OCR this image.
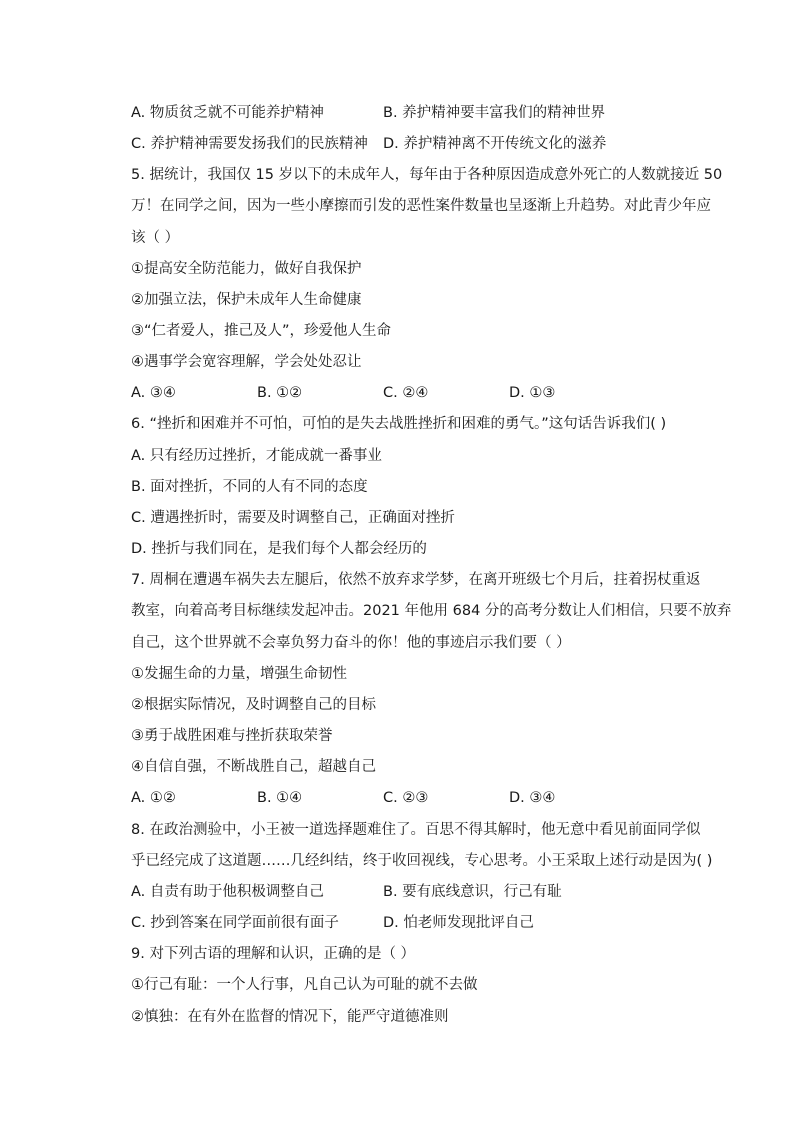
A. 物质贫乏就不可能养护精神	B. 养护精神要丰富我们的精神世界
C. 养护精神需要发扬我们的民族精神 D. 养护精神离不开传统文化的滋养
5. 据统计，我国仅 15 岁以下的未成年人，每年由于各种原因造成意外死亡的人数就接近 50
万！在同学之间，因为一些小摩擦而引发的恶性案件数量也呈逐渐上升趋势。对此青少年应
该（ ）
①提高安全防范能力，做好自我保护
②加强立法，保护未成年人生命健康
③“仁者爱人，推己及人”，珍爱他人生命
④遇事学会宽容理解，学会处处忍让
A. ③④	B. ①②	C. ②④	D. ①③
6. “挫折和困难并不可怕，可怕的是失去战胜挫折和困难的勇气。”这句话告诉我们( )
A. 只有经历过挫折，才能成就一番事业
B. 面对挫折，不同的人有不同的态度
C. 遭遇挫折时，需要及时调整自己，正确面对挫折
D. 挫折与我们同在，是我们每个人都会经历的
7. 周桐在遭遇车祸失去左腿后，依然不放弃求学梦，在离开班级七个月后，拄着拐杖重返
教室，向着高考目标继续发起冲击。2021 年他用 684 分的高考分数让人们相信，只要不放弃
自己，这个世界就不会辜负努力奋斗的你！他的事迹启示我们要（ ）
①发掘生命的力量，增强生命韧性
②根据实际情况，及时调整自己的目标
③勇于战胜困难与挫折获取荣誉
④自信自强，不断战胜自己，超越自己
A. ①②	B. ①④	C. ②③	D. ③④
8. 在政治测验中，小王被一道选择题难住了。百思不得其解时，他无意中看见前面同学似
乎已经完成了这道题……几经纠结，终于收回视线，专心思考。小王采取上述行动是因为( )
A. 自责有助于他积极调整自己	B. 要有底线意识，行己有耻
C. 抄到答案在同学面前很有面子	D. 怕老师发现批评自己
9. 对下列古语的理解和认识，正确的是（ ）
①行己有耻：一个人行事，凡自己认为可耻的就不去做
②慎独：在有外在监督的情况下，能严守道德准则
